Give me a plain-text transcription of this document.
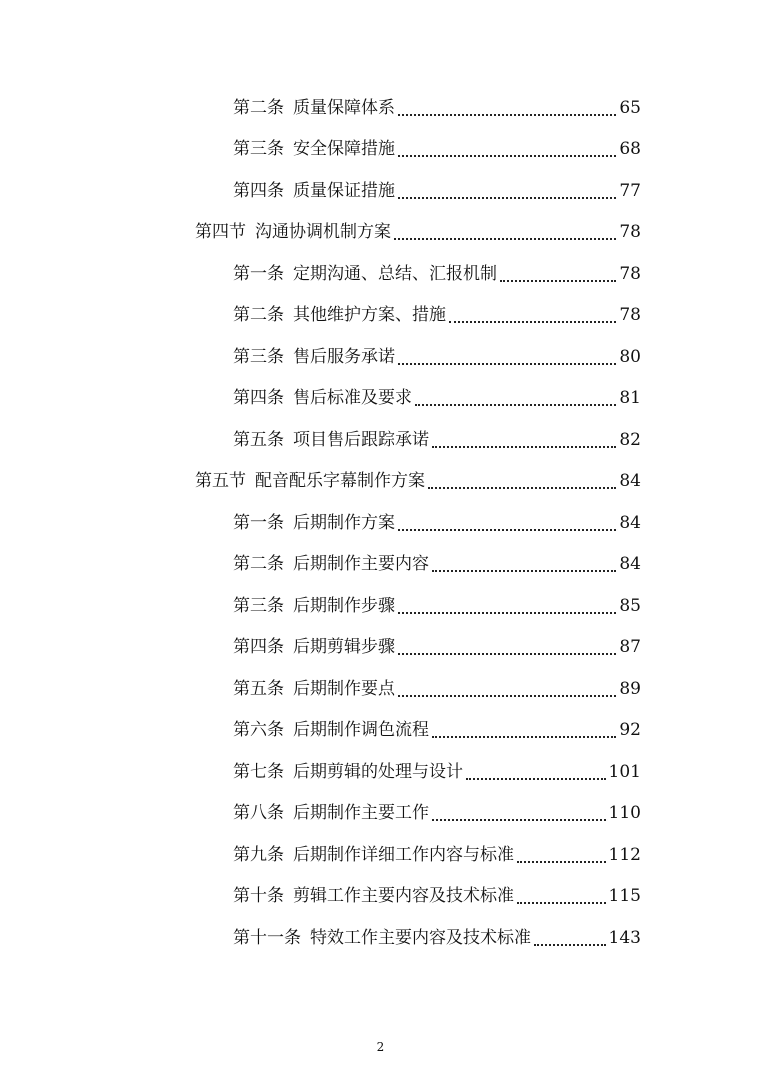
第二条 质量保障体系	65
第三条 安全保障措施	68
第四条 质量保证措施	77
第四节 沟通协调机制方案	78
第一条 定期沟通、总结、汇报机制	78
第二条 其他维护方案、措施	78
第三条 售后服务承诺	80
第四条 售后标准及要求	81
第五条 项目售后跟踪承诺	82
第五节 配音配乐字幕制作方案	84
第一条 后期制作方案	84
第二条 后期制作主要内容	84
第三条 后期制作步骤	85
第四条 后期剪辑步骤	87
第五条 后期制作要点	89
第六条 后期制作调色流程	92
第七条 后期剪辑的处理与设计	101
第八条 后期制作主要工作	110
第九条 后期制作详细工作内容与标准	112
第十条 剪辑工作主要内容及技术标准	115
第十一条 特效工作主要内容及技术标准	143
2
